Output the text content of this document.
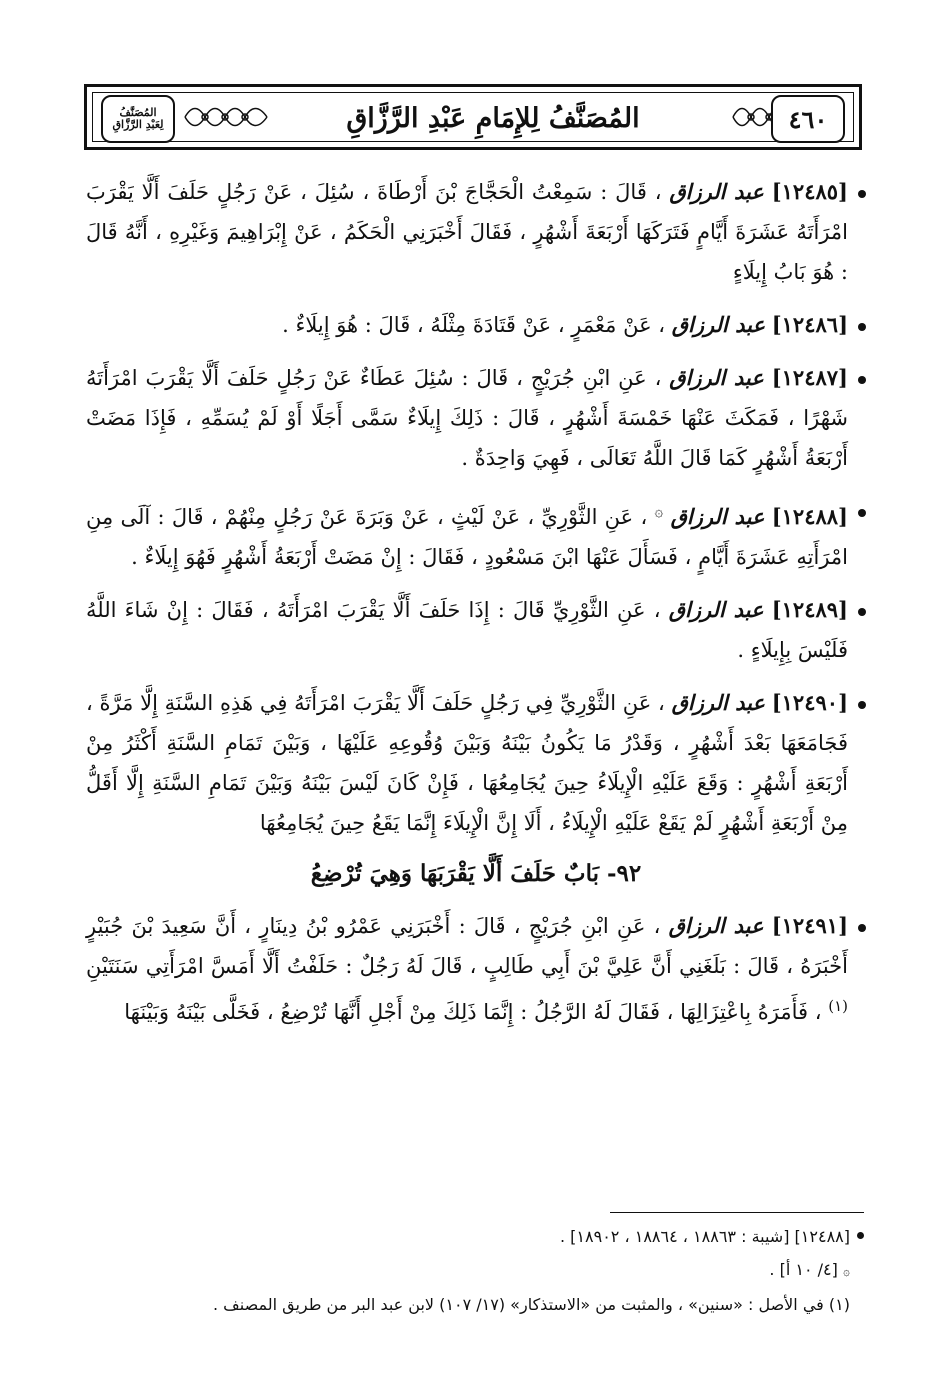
المُصَنَّفُ
لِعَبْدِ الرَّزَّاقِ	المُصَنَّفُ لِلإِمَامِ عَبْدِ الرَّزَّاقِ	٤٦٠

[١٢٤٨٥] عبد الرزاق ، قَالَ : سَمِعْتُ الْحَجَّاجَ بْنَ أَرْطَاةَ ، سُئِلَ ، عَنْ رَجُلٍ حَلَفَ أَلَّا يَقْرَبَ امْرَأَتَهُ عَشَرَةَ أَيَّامٍ فَتَرَكَهَا أَرْبَعَةَ أَشْهُرٍ ، فَقَالَ أَخْبَرَنِي الْحَكَمُ ، عَنْ إِبْرَاهِيمَ وَغَيْرِهِ ، أَنَّهُ قَالَ : هُوَ بَابُ إِيلَاءٍ

[١٢٤٨٦] عبد الرزاق ، عَنْ مَعْمَرٍ ، عَنْ قَتَادَةَ مِثْلَهُ ، قَالَ : هُوَ إِيلَاءٌ .

[١٢٤٨٧] عبد الرزاق ، عَنِ ابْنِ جُرَيْجٍ ، قَالَ : سُئِلَ عَطَاءٌ عَنْ رَجُلٍ حَلَفَ أَلَّا يَقْرَبَ امْرَأَتَهُ شَهْرًا ، فَمَكَثَ عَنْهَا خَمْسَةَ أَشْهُرٍ ، قَالَ : ذَلِكَ إِيلَاءٌ سَمَّى أَجَلًا أَوْ لَمْ يُسَمِّهِ ، فَإِذَا مَضَتْ أَرْبَعَةُ أَشْهُرٍ كَمَا قَالَ اللَّهُ تَعَالَى ، فَهِيَ وَاحِدَةٌ .

[١٢٤٨٨] عبد الرزاق ۞ ، عَنِ الثَّوْرِيِّ ، عَنْ لَيْثٍ ، عَنْ وَبَرَةَ عَنْ رَجُلٍ مِنْهُمْ ، قَالَ : آلَى مِنِ امْرَأَتِهِ عَشَرَةَ أَيَّامٍ ، فَسَأَلَ عَنْهَا ابْنَ مَسْعُودٍ ، فَقَالَ : إِنْ مَضَتْ أَرْبَعَةُ أَشْهُرٍ فَهُوَ إِيلَاءٌ .

[١٢٤٨٩] عبد الرزاق ، عَنِ الثَّوْرِيِّ قَالَ : إِذَا حَلَفَ أَلَّا يَقْرَبَ امْرَأَتَهُ ، فَقَالَ : إِنْ شَاءَ اللَّهُ فَلَيْسَ بِإِيلَاءٍ .

[١٢٤٩٠] عبد الرزاق ، عَنِ الثَّوْرِيِّ فِي رَجُلٍ حَلَفَ أَلَّا يَقْرَبَ امْرَأَتَهُ فِي هَذِهِ السَّنَةِ إِلَّا مَرَّةً ، فَجَامَعَهَا بَعْدَ أَشْهُرٍ ، وَقَدْرُ مَا يَكُونُ بَيْنَهُ وَبَيْنَ وُقُوعِهِ عَلَيْهَا ، وَبَيْنَ تَمَامِ السَّنَةِ أَكْثَرُ مِنْ أَرْبَعَةِ أَشْهُرٍ : وَقَعَ عَلَيْهِ الْإِيلَاءُ حِينَ يُجَامِعُهَا ، فَإِنْ كَانَ لَيْسَ بَيْنَهُ وَبَيْنَ تَمَامِ السَّنَةِ إِلَّا أَقَلُّ مِنْ أَرْبَعَةِ أَشْهُرٍ لَمْ يَقَعْ عَلَيْهِ الْإِيلَاءُ ، أَلَا إِنَّ الْإِيلَاءَ إِنَّمَا يَقَعُ حِينَ يُجَامِعُهَا

٩٢- بَابٌ حَلَفَ أَلَّا يَقْرَبَهَا وَهِيَ تُرْضِعُ

[١٢٤٩١] عبد الرزاق ، عَنِ ابْنِ جُرَيْجٍ ، قَالَ : أَخْبَرَنِي عَمْرُو بْنُ دِينَارٍ ، أَنَّ سَعِيدَ بْنَ جُبَيْرٍ أَخْبَرَهُ ، قَالَ : بَلَغَنِي أَنَّ عَلِيَّ بْنَ أَبِي طَالِبٍ ، قَالَ لَهُ رَجُلٌ : حَلَفْتُ أَلَّا أَمَسَّ امْرَأَتِي سَنَتَيْنِ $^{(١)}$ ، فَأَمَرَهُ بِاعْتِزَالِهَا ، فَقَالَ لَهُ الرَّجُلُ : إِنَّمَا ذَلِكَ مِنْ أَجْلِ أَنَّهَا تُرْضِعُ ، فَخَلَّى بَيْنَهُ وَبَيْنَهَا

[١٢٤٨٨] [شيبة : ١٨٨٦٣ ، ١٨٨٦٤ ، ١٨٩٠٢] .
۞ [٤/ ١٠ أ] .
(١) في الأصل : «سنين» ، والمثبت من «الاستذكار» (١٧/ ١٠٧) لابن عبد البر من طريق المصنف .
